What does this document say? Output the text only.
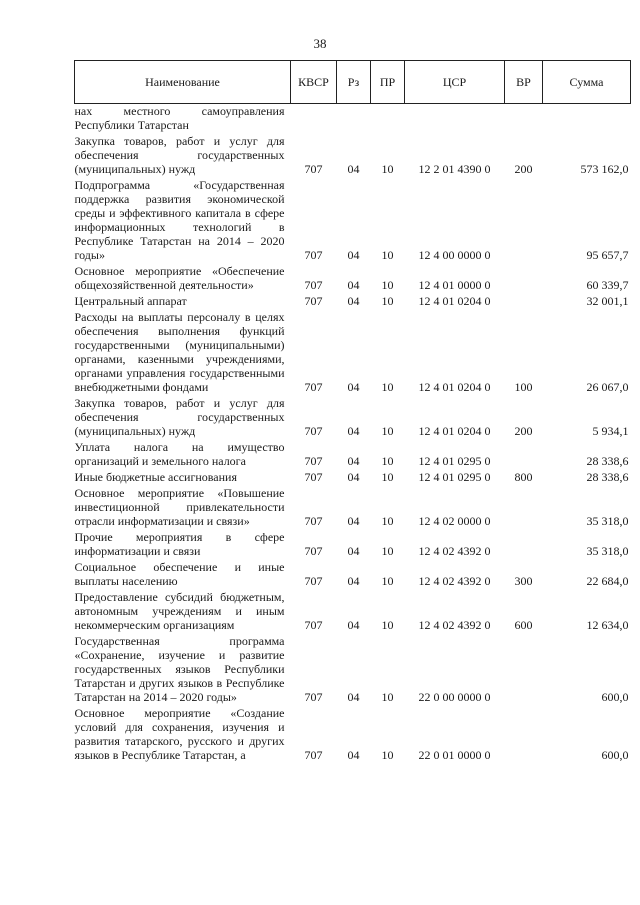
38
Наименование	КВСР	Рз	ПР	ЦСР	ВР	Сумма
нах местного самоуправления Республики Татарстан						
Закупка товаров, работ и услуг для обеспечения государственных (муниципальных) нужд	707	04	10	12 2 01 4390 0	200	573 162,0
Подпрограмма «Государственная поддержка развития экономической среды и эффективного капитала в сфере информационных технологий в Республике Татарстан на 2014 – 2020 годы»	707	04	10	12 4 00 0000 0		95 657,7
Основное мероприятие «Обеспечение общехозяйственной деятельности»	707	04	10	12 4 01 0000 0		60 339,7
Центральный аппарат	707	04	10	12 4 01 0204 0		32 001,1
Расходы на выплаты персоналу в целях обеспечения выполнения функций государственными (муниципальными) органами, казенными учреждениями, органами управления государственными внебюджетными фондами	707	04	10	12 4 01 0204 0	100	26 067,0
Закупка товаров, работ и услуг для обеспечения государственных (муниципальных) нужд	707	04	10	12 4 01 0204 0	200	5 934,1
Уплата налога на имущество организаций и земельного налога	707	04	10	12 4 01 0295 0		28 338,6
Иные бюджетные ассигнования	707	04	10	12 4 01 0295 0	800	28 338,6
Основное мероприятие «Повышение инвестиционной привлекательности отрасли информатизации и связи»	707	04	10	12 4 02 0000 0		35 318,0
Прочие мероприятия в сфере информатизации и связи	707	04	10	12 4 02 4392 0		35 318,0
Социальное обеспечение и иные выплаты населению	707	04	10	12 4 02 4392 0	300	22 684,0
Предоставление субсидий бюджетным, автономным учреждениям и иным некоммерческим организациям	707	04	10	12 4 02 4392 0	600	12 634,0
Государственная программа «Сохранение, изучение и развитие государственных языков Республики Татарстан и других языков в Республике Татарстан на 2014 – 2020 годы»	707	04	10	22 0 00 0000 0		600,0
Основное мероприятие «Создание условий для сохранения, изучения и развития татарского, русского и других языков в Республике Татарстан, а	707	04	10	22 0 01 0000 0		600,0
